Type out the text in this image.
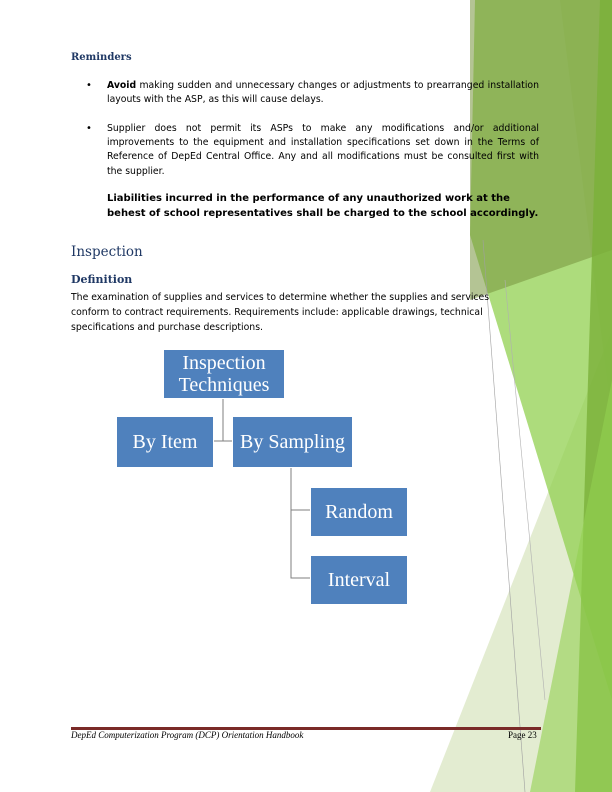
Reminders
• Avoid making sudden and unnecessary changes or adjustments to prearranged installation layouts with the ASP, as this will cause delays.
• Supplier does not permit its ASPs to make any modifications and/or additional improvements to the equipment and installation specifications set down in the Terms of Reference of DepEd Central Office. Any and all modifications must be consulted first with the supplier.
Liabilities incurred in the performance of any unauthorized work at the behest of school representatives shall be charged to the school accordingly.
Inspection
Definition
The examination of supplies and services to determine whether the supplies and services conform to contract requirements. Requirements include: applicable drawings, technical specifications and purchase descriptions.
Inspection Techniques
By Item	By Sampling
Random
Interval
DepEd Computerization Program (DCP) Orientation Handbook	Page 23
